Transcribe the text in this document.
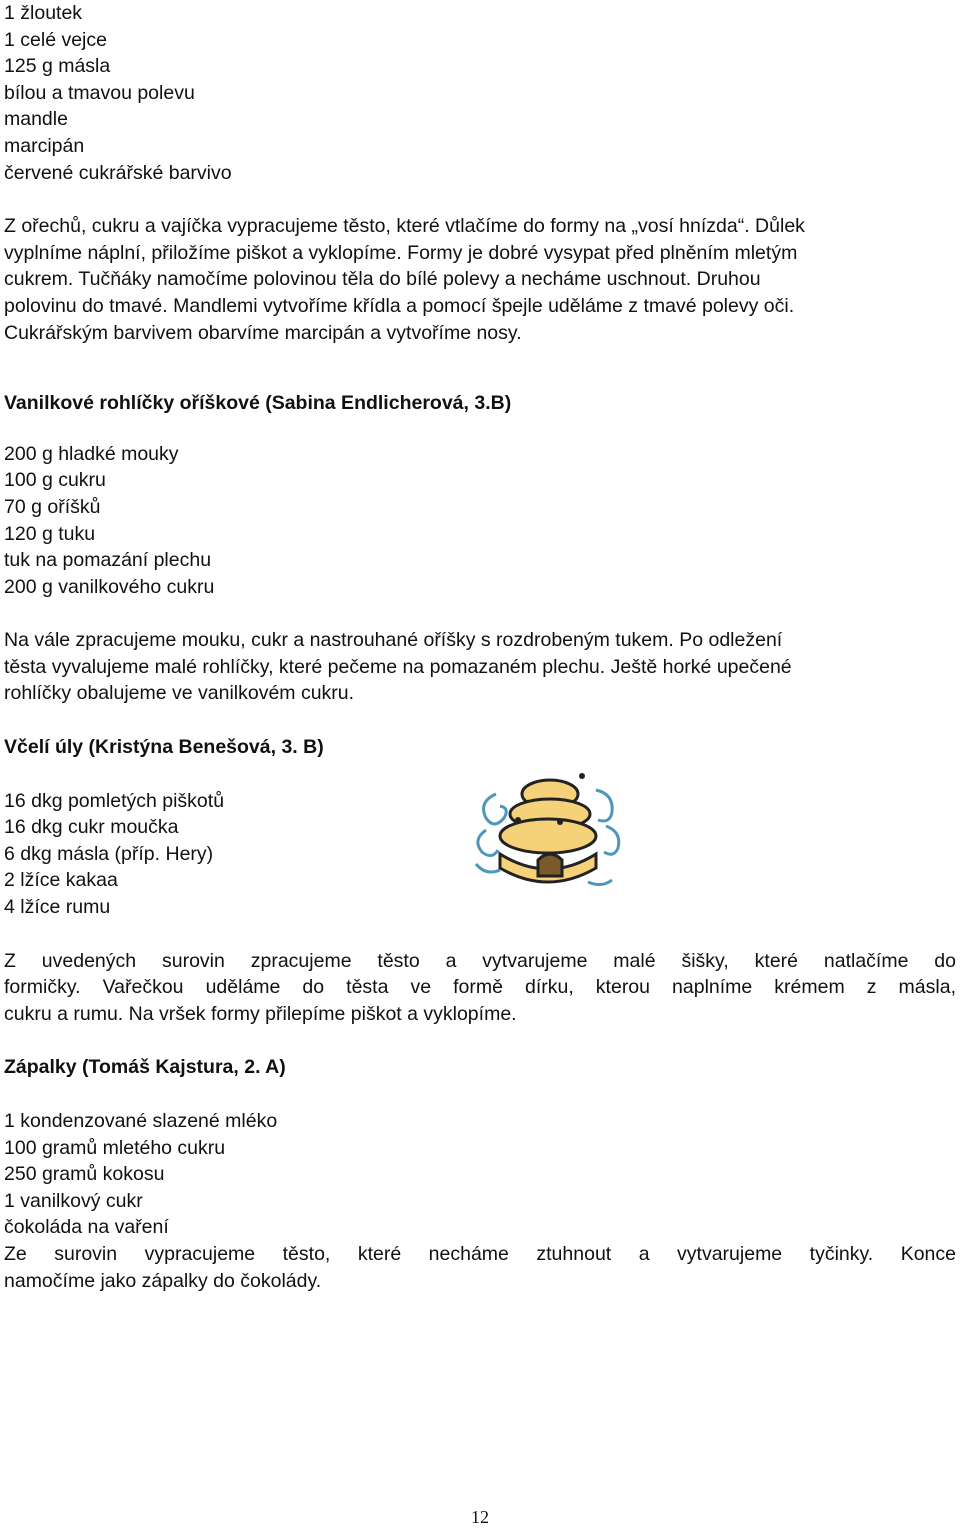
1 žloutek

1 celé vejce

125 g másla

bílou a tmavou polevu

mandle

marcipán

červené cukrářské barvivo

Z ořechů, cukru a vajíčka vypracujeme těsto, které vtlačíme do formy na „vosí hnízda“. Důlek

vyplníme náplní, přiložíme piškot a vyklopíme. Formy je dobré vysypat před plněním mletým

cukrem. Tučňáky namočíme polovinou těla do bílé polevy a necháme uschnout. Druhou

polovinu do tmavé. Mandlemi vytvoříme křídla a pomocí špejle uděláme z tmavé polevy oči.

Cukrářským barvivem obarvíme marcipán a vytvoříme nosy.

Vanilkové rohlíčky oříškové (Sabina Endlicherová, 3.B)

200 g hladké mouky

100 g cukru

70 g oříšků

120 g tuku

tuk na pomazání plechu

200 g vanilkového cukru

Na vále zpracujeme mouku, cukr a nastrouhané oříšky s rozdrobeným tukem. Po odležení

těsta vyvalujeme malé rohlíčky, které pečeme na pomazaném plechu. Ještě horké upečené

rohlíčky obalujeme ve vanilkovém cukru.

Včelí úly (Kristýna Benešová, 3. B)

16 dkg pomletých piškotů

16 dkg cukr moučka

6 dkg másla (příp. Hery)

2 lžíce kakaa

4 lžíce rumu

Z uvedených surovin zpracujeme těsto a vytvarujeme malé šišky, které natlačíme do

formičky. Vařečkou uděláme do těsta ve formě dírku, kterou naplníme krémem z másla,

cukru a rumu. Na vršek formy přilepíme piškot a vyklopíme.

Zápalky (Tomáš Kajstura, 2. A)

1 kondenzované slazené mléko

100 gramů mletého cukru

250 gramů kokosu

1 vanilkový cukr

čokoláda na vaření

Ze surovin vypracujeme těsto, které necháme ztuhnout a vytvarujeme tyčinky. Konce

namočíme jako zápalky do čokolády.

12
